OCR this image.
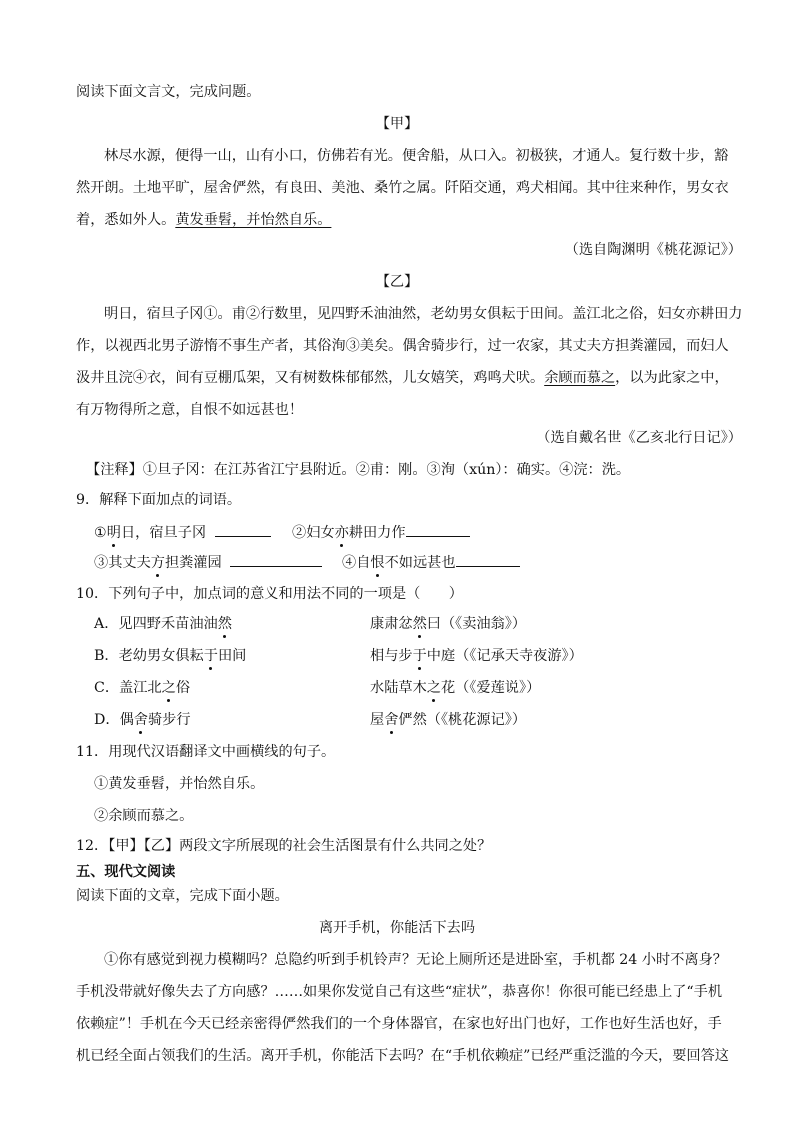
阅读下面文言文，完成问题。
【甲】
林尽水源，便得一山，山有小口，仿佛若有光。便舍船，从口入。初极狭，才通人。复行数十步，豁
然开朗。土地平旷，屋舍俨然，有良田、美池、桑竹之属。阡陌交通，鸡犬相闻。其中往来种作，男女衣
着，悉如外人。黄发垂髫，并怡然自乐。
（选自陶渊明《桃花源记》）
【乙】
明日，宿旦子冈①。甫②行数里，见四野禾油油然，老幼男女俱耘于田间。盖江北之俗，妇女亦耕田力
作，以视西北男子游惰不事生产者，其俗洵③美矣。偶舍骑步行，过一农家，其丈夫方担粪灌园，而妇人
汲井且浣④衣，间有豆棚瓜架，又有树数株郁郁然，儿女嬉笑，鸡鸣犬吠。余顾而慕之，以为此家之中，
有万物得所之意，自恨不如远甚也！
（选自戴名世《乙亥北行日记》）
【注释】①旦子冈：在江苏省江宁县附近。②甫：刚。③洵（xún）：确实。④浣：洗。
9．解释下面加点的词语。
①明日，宿旦子冈	②妇女亦耕田力作
③其丈夫方担粪灌园	④自恨不如远甚也
10．下列句子中，加点词的意义和用法不同的一项是（　　）
A．见四野禾苗油油然	康肃忿然曰（《卖油翁》）
B．老幼男女俱耘于田间	相与步于中庭（《记承天寺夜游》）
C．盖江北之俗	水陆草木之花（《爱莲说》）
D．偶舍骑步行	屋舍俨然（《桃花源记》）
11．用现代汉语翻译文中画横线的句子。
①黄发垂髫，并怡然自乐。
②余顾而慕之。
12．【甲】【乙】两段文字所展现的社会生活图景有什么共同之处？
五、现代文阅读
阅读下面的文章，完成下面小题。
离开手机，你能活下去吗
①你有感觉到视力模糊吗？总隐约听到手机铃声？无论上厕所还是进卧室，手机都 24 小时不离身？
手机没带就好像失去了方向感？……如果你发觉自己有这些“症状”，恭喜你！你很可能已经患上了“手机
依赖症”！手机在今天已经亲密得俨然我们的一个身体器官，在家也好出门也好，工作也好生活也好，手
机已经全面占领我们的生活。离开手机，你能活下去吗？在“手机依赖症”已经严重泛滥的今天，要回答这
